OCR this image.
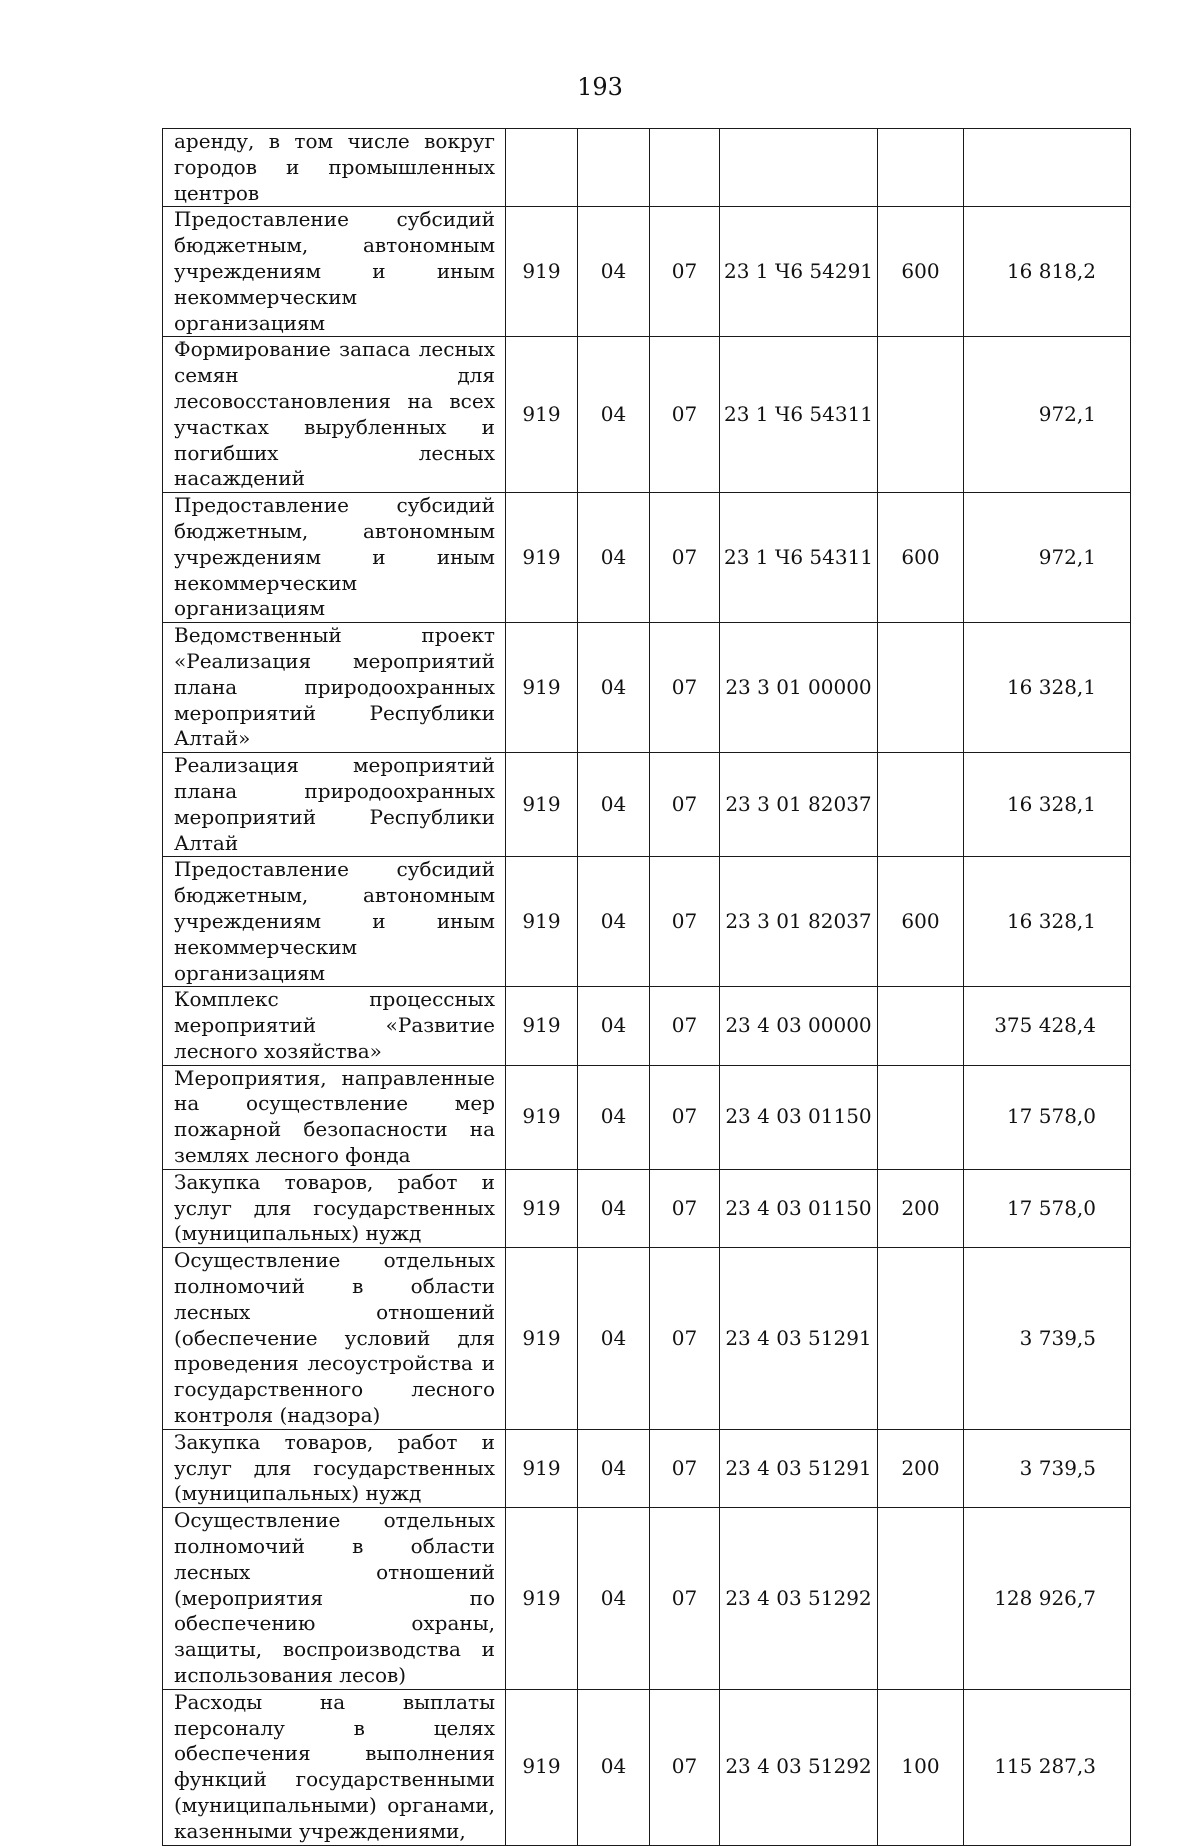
193
аренду, в том числе вокруг городов и промышленных центров						
Предоставление субсидий бюджетным, автономным учреждениям и иным некоммерческим организациям	919	04	07	23 1 Ч6 54291	600	16 818,2
Формирование запаса лесных семян для лесовосстановления на всех участках вырубленных и погибших лесных насаждений	919	04	07	23 1 Ч6 54311		972,1
Предоставление субсидий бюджетным, автономным учреждениям и иным некоммерческим организациям	919	04	07	23 1 Ч6 54311	600	972,1
Ведомственный проект «Реализация мероприятий плана природоохранных мероприятий Республики Алтай»	919	04	07	23 3 01 00000		16 328,1
Реализация мероприятий плана природоохранных мероприятий Республики Алтай	919	04	07	23 3 01 82037		16 328,1
Предоставление субсидий бюджетным, автономным учреждениям и иным некоммерческим организациям	919	04	07	23 3 01 82037	600	16 328,1
Комплекс процессных мероприятий «Развитие лесного хозяйства»	919	04	07	23 4 03 00000		375 428,4
Мероприятия, направленные на осуществление мер пожарной безопасности на землях лесного фонда	919	04	07	23 4 03 01150		17 578,0
Закупка товаров, работ и услуг для государственных (муниципальных) нужд	919	04	07	23 4 03 01150	200	17 578,0
Осуществление отдельных полномочий в области лесных отношений (обеспечение условий для проведения лесоустройства и государственного лесного контроля (надзора)	919	04	07	23 4 03 51291		3 739,5
Закупка товаров, работ и услуг для государственных (муниципальных) нужд	919	04	07	23 4 03 51291	200	3 739,5
Осуществление отдельных полномочий в области лесных отношений (мероприятия по обеспечению охраны, защиты, воспроизводства и использования лесов)	919	04	07	23 4 03 51292		128 926,7
Расходы на выплаты персоналу в целях обеспечения выполнения функций государственными (муниципальными) органами, казенными учреждениями,	919	04	07	23 4 03 51292	100	115 287,3
